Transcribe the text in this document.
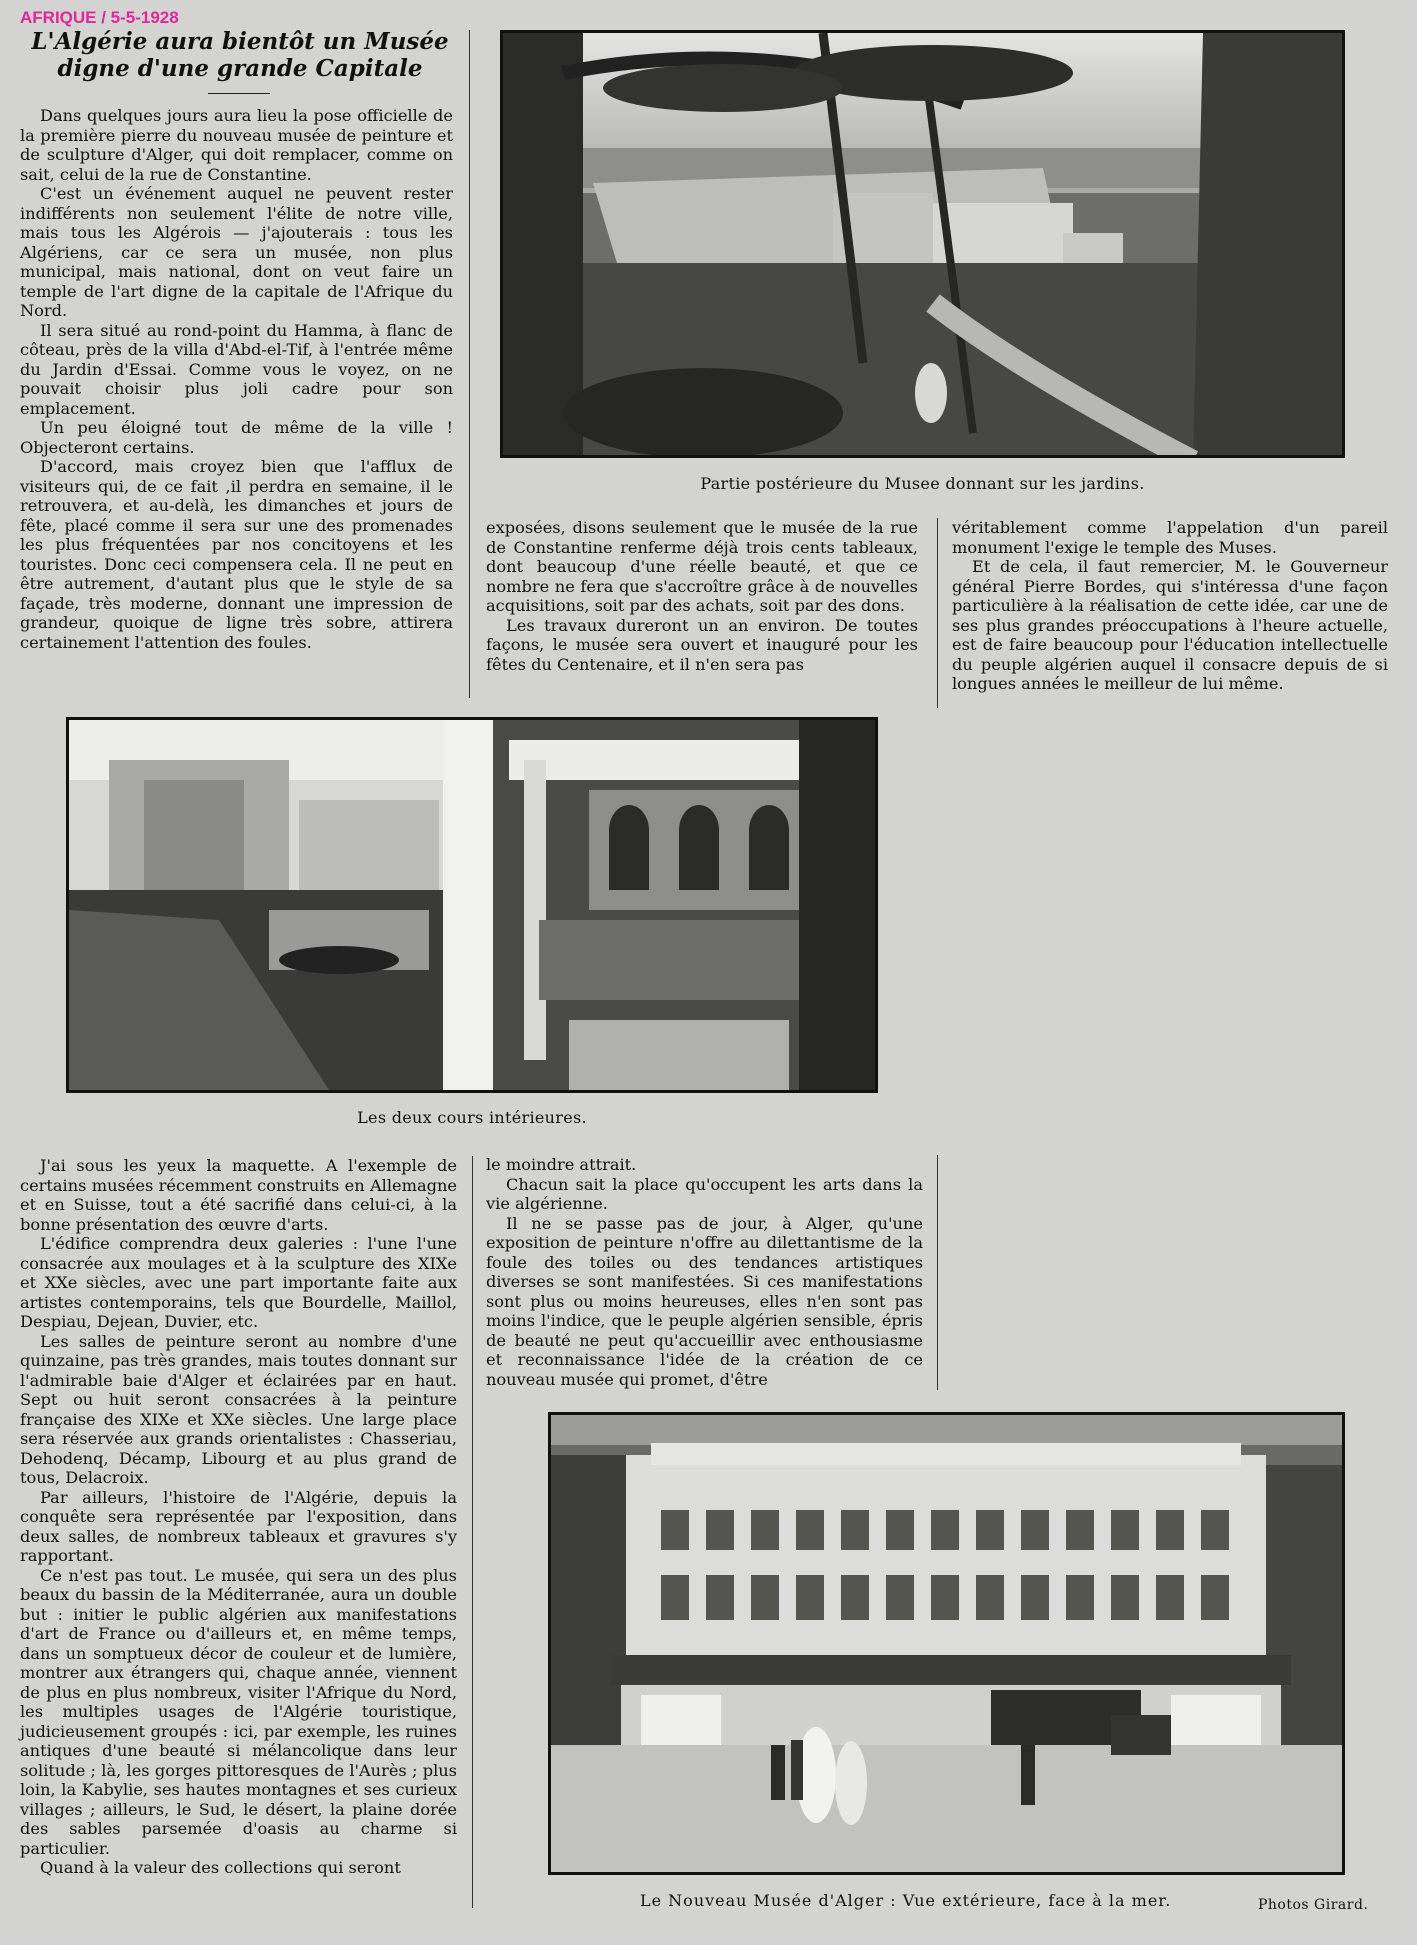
AFRIQUE / 5-5-1928
L'Algérie aura bientôt un Musée
digne d'une grande Capitale

Dans quelques jours aura lieu la pose officielle de la première pierre du nouveau musée de peinture et de sculpture d'Alger, qui doit remplacer, comme on sait, celui de la rue de Constantine.

C'est un événement auquel ne peuvent rester indifférents non seulement l'élite de notre ville, mais tous les Algérois — j'ajouterais : tous les Algériens, car ce sera un musée, non plus municipal, mais national, dont on veut faire un temple de l'art digne de la capitale de l'Afrique du Nord.

Il sera situé au rond-point du Hamma, à flanc de côteau, près de la villa d'Abd-el-Tif, à l'entrée même du Jardin d'Essai. Comme vous le voyez, on ne pouvait choisir plus joli cadre pour son emplacement.

Un peu éloigné tout de même de la ville ! Objecteront certains.

D'accord, mais croyez bien que l'afflux de visiteurs qui, de ce fait ,il perdra en semaine, il le retrouvera, et au-delà, les dimanches et jours de fête, placé comme il sera sur une des promenades les plus fréquentées par nos concitoyens et les touristes. Donc ceci compensera cela. Il ne peut en être autrement, d'autant plus que le style de sa façade, très moderne, donnant une impression de grandeur, quoique de ligne très sobre, attirera certainement l'attention des foules.

Partie postérieure du Musee donnant sur les jardins.

exposées, disons seulement que le musée de la rue de Constantine renferme déjà trois cents tableaux, dont beaucoup d'une réelle beauté, et que ce nombre ne fera que s'accroître grâce à de nouvelles acquisitions, soit par des achats, soit par des dons.

Les travaux dureront un an environ. De toutes façons, le musée sera ouvert et inauguré pour les fêtes du Centenaire, et il n'en sera pas

véritablement comme l'appelation d'un pareil monument l'exige le temple des Muses.

Et de cela, il faut remercier, M. le Gouverneur général Pierre Bordes, qui s'intéressa d'une façon particulière à la réalisation de cette idée, car une de ses plus grandes préoccupations à l'heure actuelle, est de faire beaucoup pour l'éducation intellectuelle du peuple algérien auquel il consacre depuis de si longues années le meilleur de lui même.

Les deux cours intérieures.

J'ai sous les yeux la maquette. A l'exemple de certains musées récemment construits en Allemagne et en Suisse, tout a été sacrifié dans celui-ci, à la bonne présentation des œuvre d'arts.

L'édifice comprendra deux galeries : l'une l'une consacrée aux moulages et à la sculpture des XIXe et XXe siècles, avec une part importante faite aux artistes contemporains, tels que Bourdelle, Maillol, Despiau, Dejean, Duvier, etc.

Les salles de peinture seront au nombre d'une quinzaine, pas très grandes, mais toutes donnant sur l'admirable baie d'Alger et éclairées par en haut. Sept ou huit seront consacrées à la peinture française des XIXe et XXe siècles. Une large place sera réservée aux grands orientalistes : Chasseriau, Dehodenq, Décamp, Libourg et au plus grand de tous, Delacroix.

Par ailleurs, l'histoire de l'Algérie, depuis la conquête sera représentée par l'exposition, dans deux salles, de nombreux tableaux et gravures s'y rapportant.

Ce n'est pas tout. Le musée, qui sera un des plus beaux du bassin de la Méditerranée, aura un double but : initier le public algérien aux manifestations d'art de France ou d'ailleurs et, en même temps, dans un somptueux décor de couleur et de lumière, montrer aux étrangers qui, chaque année, viennent de plus en plus nombreux, visiter l'Afrique du Nord, les multiples usages de l'Algérie touristique, judicieusement groupés : ici, par exemple, les ruines antiques d'une beauté si mélancolique dans leur solitude ; là, les gorges pittoresques de l'Aurès ; plus loin, la Kabylie, ses hautes montagnes et ses curieux villages ; ailleurs, le Sud, le désert, la plaine dorée des sables parsemée d'oasis au charme si particulier.

Quand à la valeur des collections qui seront

le moindre attrait.

Chacun sait la place qu'occupent les arts dans la vie algérienne.

Il ne se passe pas de jour, à Alger, qu'une exposition de peinture n'offre au dilettantisme de la foule des toiles ou des tendances artistiques diverses se sont manifestées. Si ces manifestations sont plus ou moins heureuses, elles n'en sont pas moins l'indice, que le peuple algérien sensible, épris de beauté ne peut qu'accueillir avec enthousiasme et reconnaissance l'idée de la création de ce nouveau musée qui promet, d'être

Le Nouveau Musée d'Alger : Vue extérieure, face à la mer.	Photos Girard.
